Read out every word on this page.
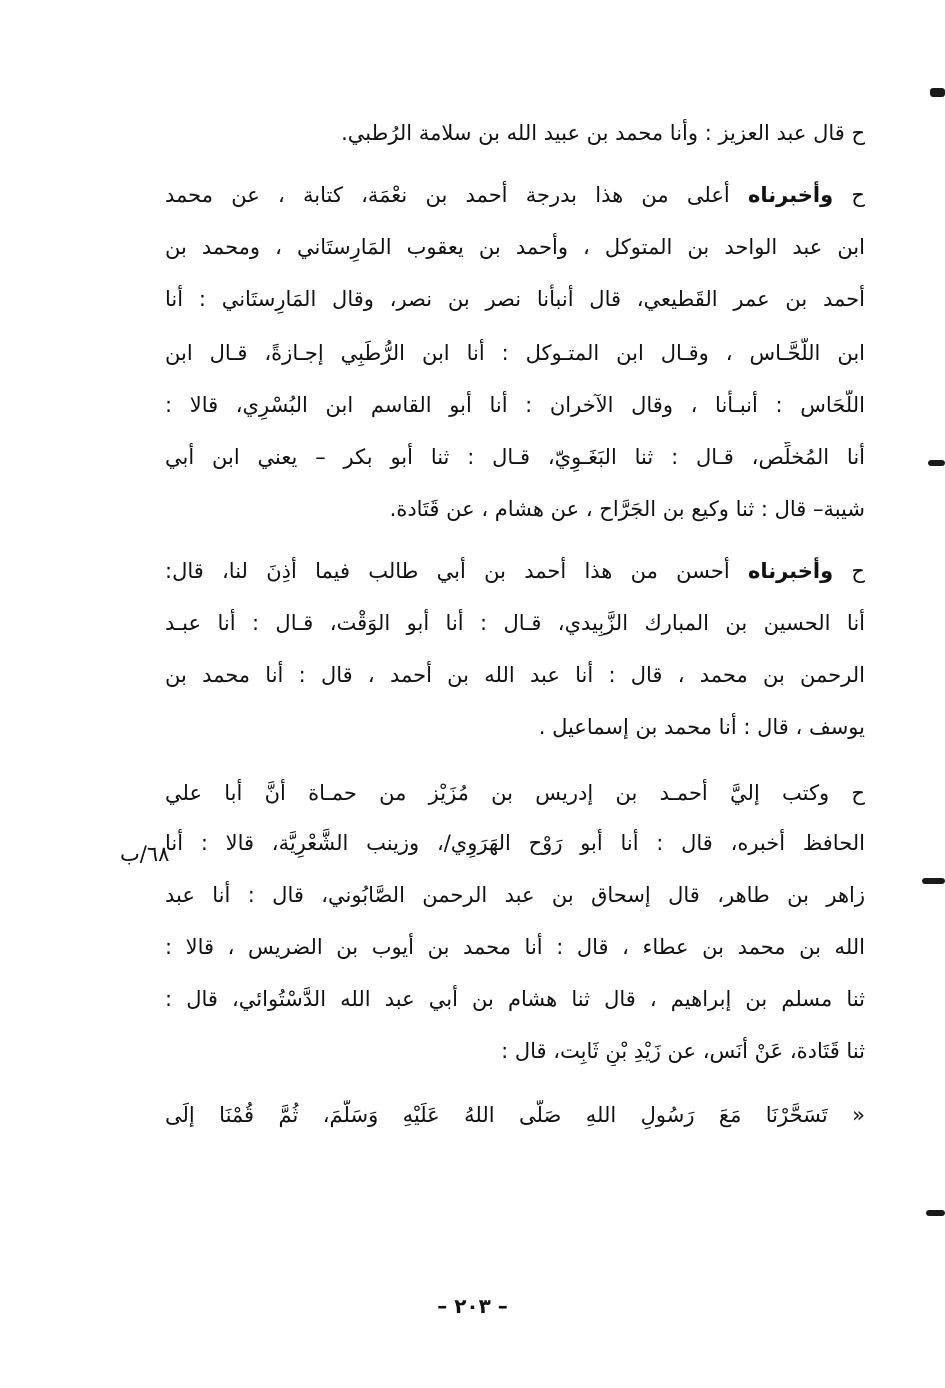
ح قال عبد العزيز : وأنا محمد بن عبيد الله بن سلامة الرُطبي.
ح وأخبرناه أعلى من هذا بدرجة أحمد بن نعْمَة، كتابة ، عن محمد
ابن عبد الواحد بن المتوكل ، وأحمد بن يعقوب المَارِستَاني ، ومحمد بن
أحمد بن عمر القَطيعي، قال أنبأنا نصر بن نصر، وقال المَارِستَاني : أنا
ابن اللَّحَّـاس ، وقـال ابن المتـوكل : أنا ابن الرُّطَبِي إجـازةً، قـال ابن
اللَّحَاس : أنبـأنا ، وقال الآخران : أنا أبو القاسم ابن البُسْرِي، قالا :
أنا المُخلِّص، قـال : ثنا البَغَـوِيّ، قـال : ثنا أبو بكر – يعني ابن أبي
شيبة– قال : ثنا وكيع بن الجَرَّاح ، عن هشام ، عن قَتَادة.
ح وأخبرناه أحسن من هذا أحمد بن أبي طالب فيما أذِنَ لنا، قال:
أنا الحسين بن المبارك الزَّبِيدي، قـال : أنا أبو الوَقْت، قـال : أنا عبـد
الرحمن بن محمد ، قال : أنا عبد الله بن أحمد ، قال : أنا محمد بن
يوسف ، قال : أنا محمد بن إسماعيل .
ح وكتب إليَّ أحمـد بن إدريس بن مُزَيْز من حمـاة أنَّ أبا علي
الحافظ أخبره، قال : أنا أبو رَوْح الهَرَوِي/، وزينب الشَّعْرِيَّة، قالا : أنا
٦٨/ب
زاهر بن طاهر، قال إسحاق بن عبد الرحمن الصَّابُوني، قال : أنا عبد
الله بن محمد بن عطاء ، قال : أنا محمد بن أيوب بن الضريس ، قالا :
ثنا مسلم بن إبراهيم ، قال ثنا هشام بن أبي عبد الله الدَّسْتُوائي، قال :
ثنا قَتَادة، عَنْ أنَس، عن زَيْدِ بْنِ ثَابِت، قال :
« تَسَحَّرْنَا مَعَ رَسُولِ اللهِ صَلَّى اللهُ عَلَيْهِ وَسَلَّمَ، ثُمَّ قُمْنَا إلَى
– ٢٠٣ –
